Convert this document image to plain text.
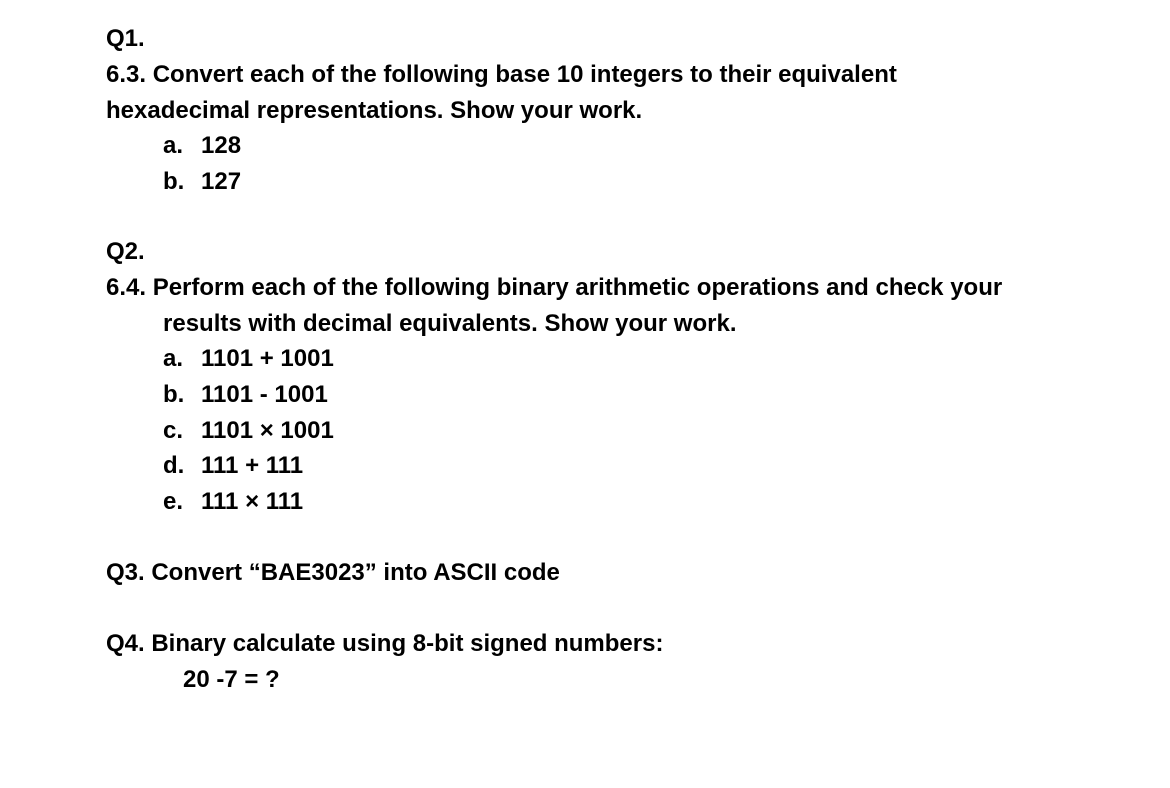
Q1.
6.3. Convert each of the following base 10 integers to their equivalent
hexadecimal representations. Show your work.
a. 128
b. 127
Q2.
6.4. Perform each of the following binary arithmetic operations and check your
results with decimal equivalents. Show your work.
a. 1101 + 1001
b. 1101 - 1001
c. 1101 × 1001
d. 111 + 111
e. 111 × 111
Q3. Convert “BAE3023” into ASCII code
Q4. Binary calculate using 8-bit signed numbers:
20 -7 = ?
